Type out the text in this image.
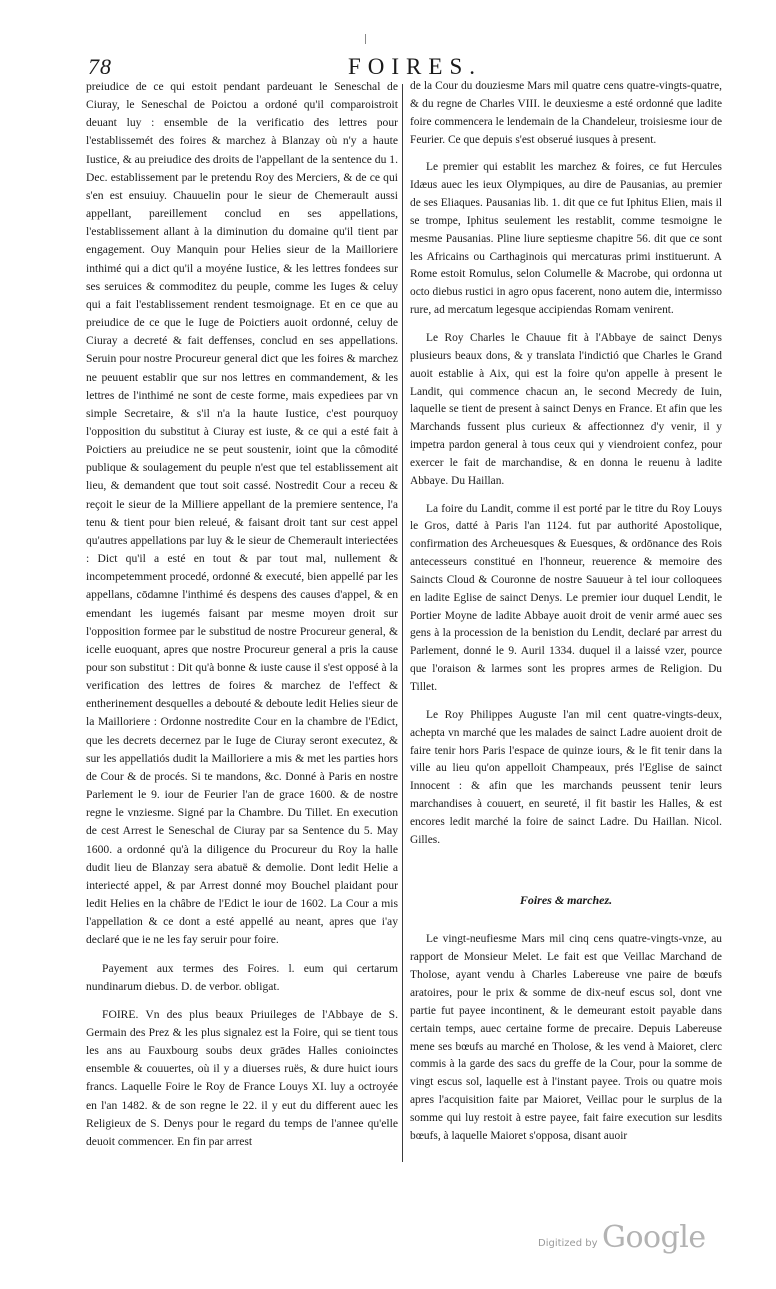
78	FOIRES.

preiudice de ce qui estoit pendant pardeuant le Seneschal de Ciuray, le Seneschal de Poictou a ordoné qu'il comparoistroit deuant luy : ensemble de la verificatio des lettres pour l'establissemét des foires & marchez à Blanzay où n'y a haute Iustice, & au preiudice des droits de l'appellant de la sentence du 1. Dec. establissement par le pretendu Roy des Merciers, & de ce qui s'en est ensuiuy. Chauuelin pour le sieur de Chemerault aussi appellant, pareillement conclud en ses appellations, l'establissement allant à la diminution du domaine qu'il tient par engagement. Ouy Manquin pour Helies sieur de la Mailloriere inthimé qui a dict qu'il a moyéne Iustice, & les lettres fondees sur ses seruices & commoditez du peuple, comme les Iuges & celuy qui a fait l'establissement rendent tesmoignage. Et en ce que au preiudice de ce que le Iuge de Poictiers auoit ordonné, celuy de Ciuray a decreté & fait deffenses, conclud en ses appellations. Seruin pour nostre Procureur general dict que les foires & marchez ne peuuent establir que sur nos lettres en commandement, & les lettres de l'inthimé ne sont de ceste forme, mais expediees par vn simple Secretaire, & s'il n'a la haute Iustice, c'est pourquoy l'opposition du substitut à Ciuray est iuste, & ce qui a esté fait à Poictiers au preiudice ne se peut soustenir, ioint que la cômodité publique & soulagement du peuple n'est que tel establissement ait lieu, & demandent que tout soit cassé. Nostredit Cour a receu & reçoit le sieur de la Milliere appellant de la premiere sentence, l'a tenu & tient pour bien releué, & faisant droit tant sur cest appel qu'autres appellations par luy & le sieur de Chemerault interiectées : Dict qu'il a esté en tout & par tout mal, nullement & incompetemment procedé, ordonné & executé, bien appellé par les appellans, cōdamne l'inthimé és despens des causes d'appel, & en emendant les iugemés faisant par mesme moyen droit sur l'opposition formee par le substitud de nostre Procureur general, & icelle euoquant, apres que nostre Procureur general a pris la cause pour son substitut : Dit qu'à bonne & iuste cause il s'est opposé à la verification des lettres de foires & marchez de l'effect & entherinement desquelles a debouté & deboute ledit Helies sieur de la Mailloriere : Ordonne nostredite Cour en la chambre de l'Edict, que les decrets decernez par le Iuge de Ciuray seront executez, & sur les appellatiós dudit la Mailloriere a mis & met les parties hors de Cour & de procés. Si te mandons, &c. Donné à Paris en nostre Parlement le 9. iour de Feurier l'an de grace 1600. & de nostre regne le vnziesme. Signé par la Chambre. Du Tillet. En execution de cest Arrest le Seneschal de Ciuray par sa Sentence du 5. May 1600. a ordonné qu'à la diligence du Procureur du Roy la halle dudit lieu de Blanzay sera abatuë & demolie. Dont ledit Helie a interiecté appel, & par Arrest donné moy Bouchel plaidant pour ledit Helies en la châbre de l'Edict le iour de 1602. La Cour a mis l'appellation & ce dont a esté appellé au neant, apres que i'ay declaré que ie ne les fay seruir pour foire.

Payement aux termes des Foires. l. eum qui certarum nundinarum diebus. D. de verbor. obligat.

FOIRE. Vn des plus beaux Priuileges de l'Abbaye de S. Germain des Prez & les plus signalez est la Foire, qui se tient tous les ans au Fauxbourg soubs deux grādes Halles conioinctes ensemble & couuertes, où il y a diuerses ruës, & dure huict iours francs. Laquelle Foire le Roy de France Louys XI. luy a octroyée en l'an 1482. & de son regne le 22. il y eut du different auec les Religieux de S. Denys pour le regard du temps de l'annee qu'elle deuoit commencer. En fin par arrest

de la Cour du douziesme Mars mil quatre cens quatre-vingts-quatre, & du regne de Charles VIII. le deuxiesme a esté ordonné que ladite foire commencera le lendemain de la Chandeleur, troisiesme iour de Feurier. Ce que depuis s'est obserué iusques à present.

Le premier qui establit les marchez & foires, ce fut Hercules Idæus auec les ieux Olympiques, au dire de Pausanias, au premier de ses Eliaques. Pausanias lib. 1. dit que ce fut Iphitus Elien, mais il se trompe, Iphitus seulement les restablit, comme tesmoigne le mesme Pausanias. Pline liure septiesme chapitre 56. dit que ce sont les Africains ou Carthaginois qui mercaturas primi instituerunt. A Rome estoit Romulus, selon Columelle & Macrobe, qui ordonna ut octo diebus rustici in agro opus facerent, nono autem die, intermisso rure, ad mercatum legesque accipiendas Romam venirent.

Le Roy Charles le Chauue fit à l'Abbaye de sainct Denys plusieurs beaux dons, & y translata l'indictió que Charles le Grand auoit establie à Aix, qui est la foire qu'on appelle à present le Landit, qui commence chacun an, le second Mecredy de Iuin, laquelle se tient de present à sainct Denys en France. Et afin que les Marchands fussent plus curieux & affectionnez d'y venir, il y impetra pardon general à tous ceux qui y viendroient confez, pour exercer le fait de marchandise, & en donna le reuenu à ladite Abbaye. Du Haillan.

La foire du Landit, comme il est porté par le titre du Roy Louys le Gros, datté à Paris l'an 1124. fut par authorité Apostolique, confirmation des Archeuesques & Euesques, & ordōnance des Rois antecesseurs constitué en l'honneur, reuerence & memoire des Saincts Cloud & Couronne de nostre Sauueur à tel iour colloquees en ladite Eglise de sainct Denys. Le premier iour duquel Lendit, le Portier Moyne de ladite Abbaye auoit droit de venir armé auec ses gens à la procession de la benistion du Lendit, declaré par arrest du Parlement, donné le 9. Auril 1334. duquel il a laissé vzer, pource que l'oraison & larmes sont les propres armes de Religion. Du Tillet.

Le Roy Philippes Auguste l'an mil cent quatre-vingts-deux, achepta vn marché que les malades de sainct Ladre auoient droit de faire tenir hors Paris l'espace de quinze iours, & le fit tenir dans la ville au lieu qu'on appelloit Champeaux, prés l'Eglise de sainct Innocent : & afin que les marchands peussent tenir leurs marchandises à couuert, en seureté, il fit bastir les Halles, & est encores ledit marché la foire de sainct Ladre. Du Haillan. Nicol. Gilles.

Foires & marchez.

Le vingt-neufiesme Mars mil cinq cens quatre-vingts-vnze, au rapport de Monsieur Melet. Le fait est que Veillac Marchand de Tholose, ayant vendu à Charles Labereuse vne paire de bœufs aratoires, pour le prix & somme de dix-neuf escus sol, dont vne partie fut payee incontinent, & le demeurant estoit payable dans certain temps, auec certaine forme de precaire. Depuis Labereuse mene ses bœufs au marché en Tholose, & les vend à Maioret, clerc commis à la garde des sacs du greffe de la Cour, pour la somme de vingt escus sol, laquelle est à l'instant payee. Trois ou quatre mois apres l'acquisition faite par Maioret, Veillac pour le surplus de la somme qui luy restoit à estre payee, fait faire execution sur lesdits bœufs, à laquelle Maioret s'opposa, disant auoir

Digitized by Google
